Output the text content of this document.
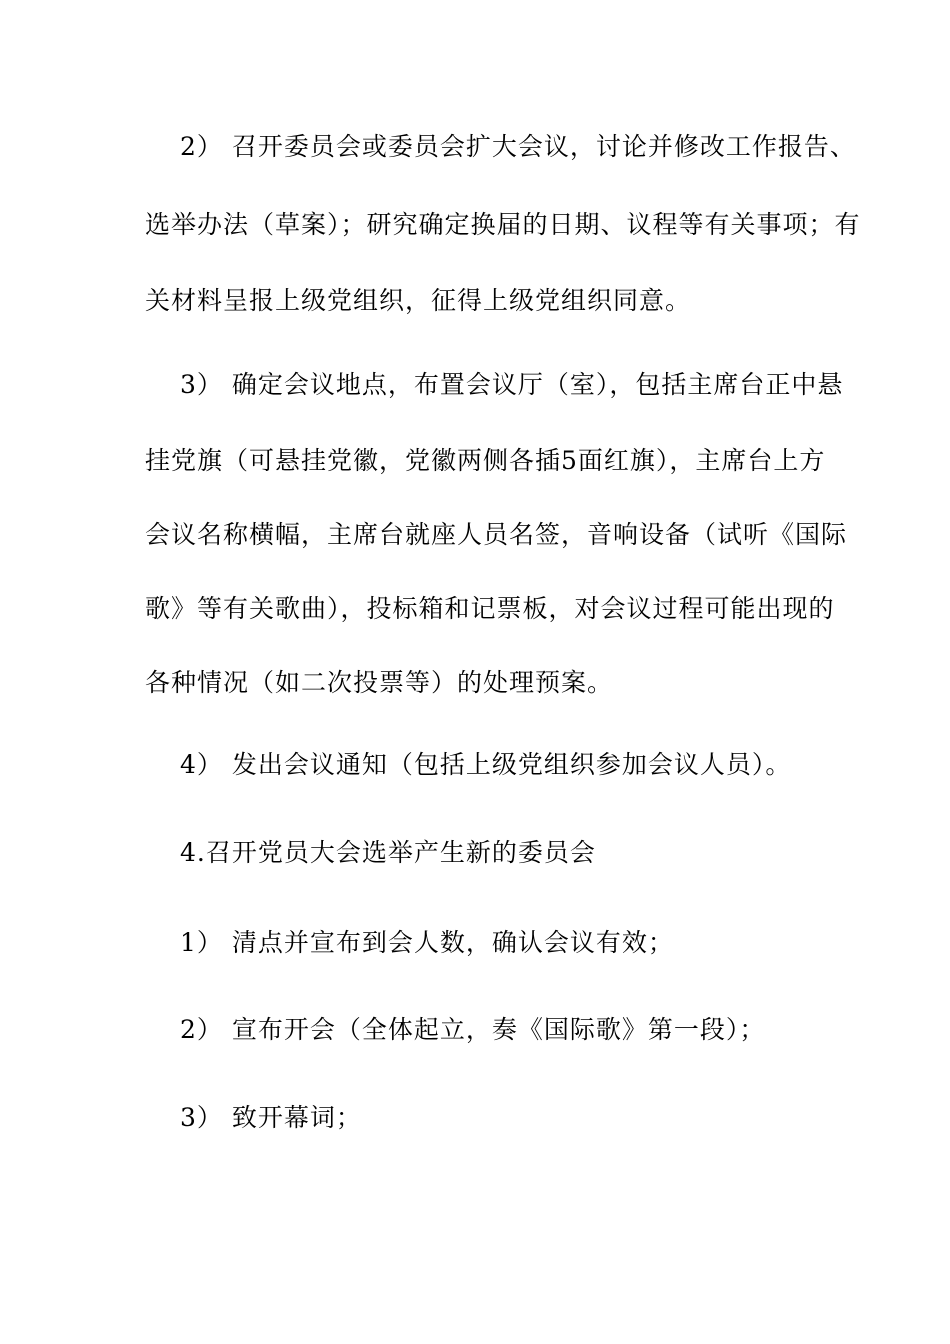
2） 召开委员会或委员会扩大会议，讨论并修改工作报告、
选举办法（草案）；研究确定换届的日期、议程等有关事项；有
关材料呈报上级党组织，征得上级党组织同意。
3） 确定会议地点，布置会议厅（室），包括主席台正中悬
挂党旗（可悬挂党徽，党徽两侧各插5面红旗），主席台上方
会议名称横幅，主席台就座人员名签，音响设备（试听《国际
歌》等有关歌曲），投标箱和记票板，对会议过程可能出现的
各种情况（如二次投票等）的处理预案。
4） 发出会议通知（包括上级党组织参加会议人员）。
4.召开党员大会选举产生新的委员会
1） 清点并宣布到会人数，确认会议有效；
2） 宣布开会（全体起立，奏《国际歌》第一段）；
3） 致开幕词；
